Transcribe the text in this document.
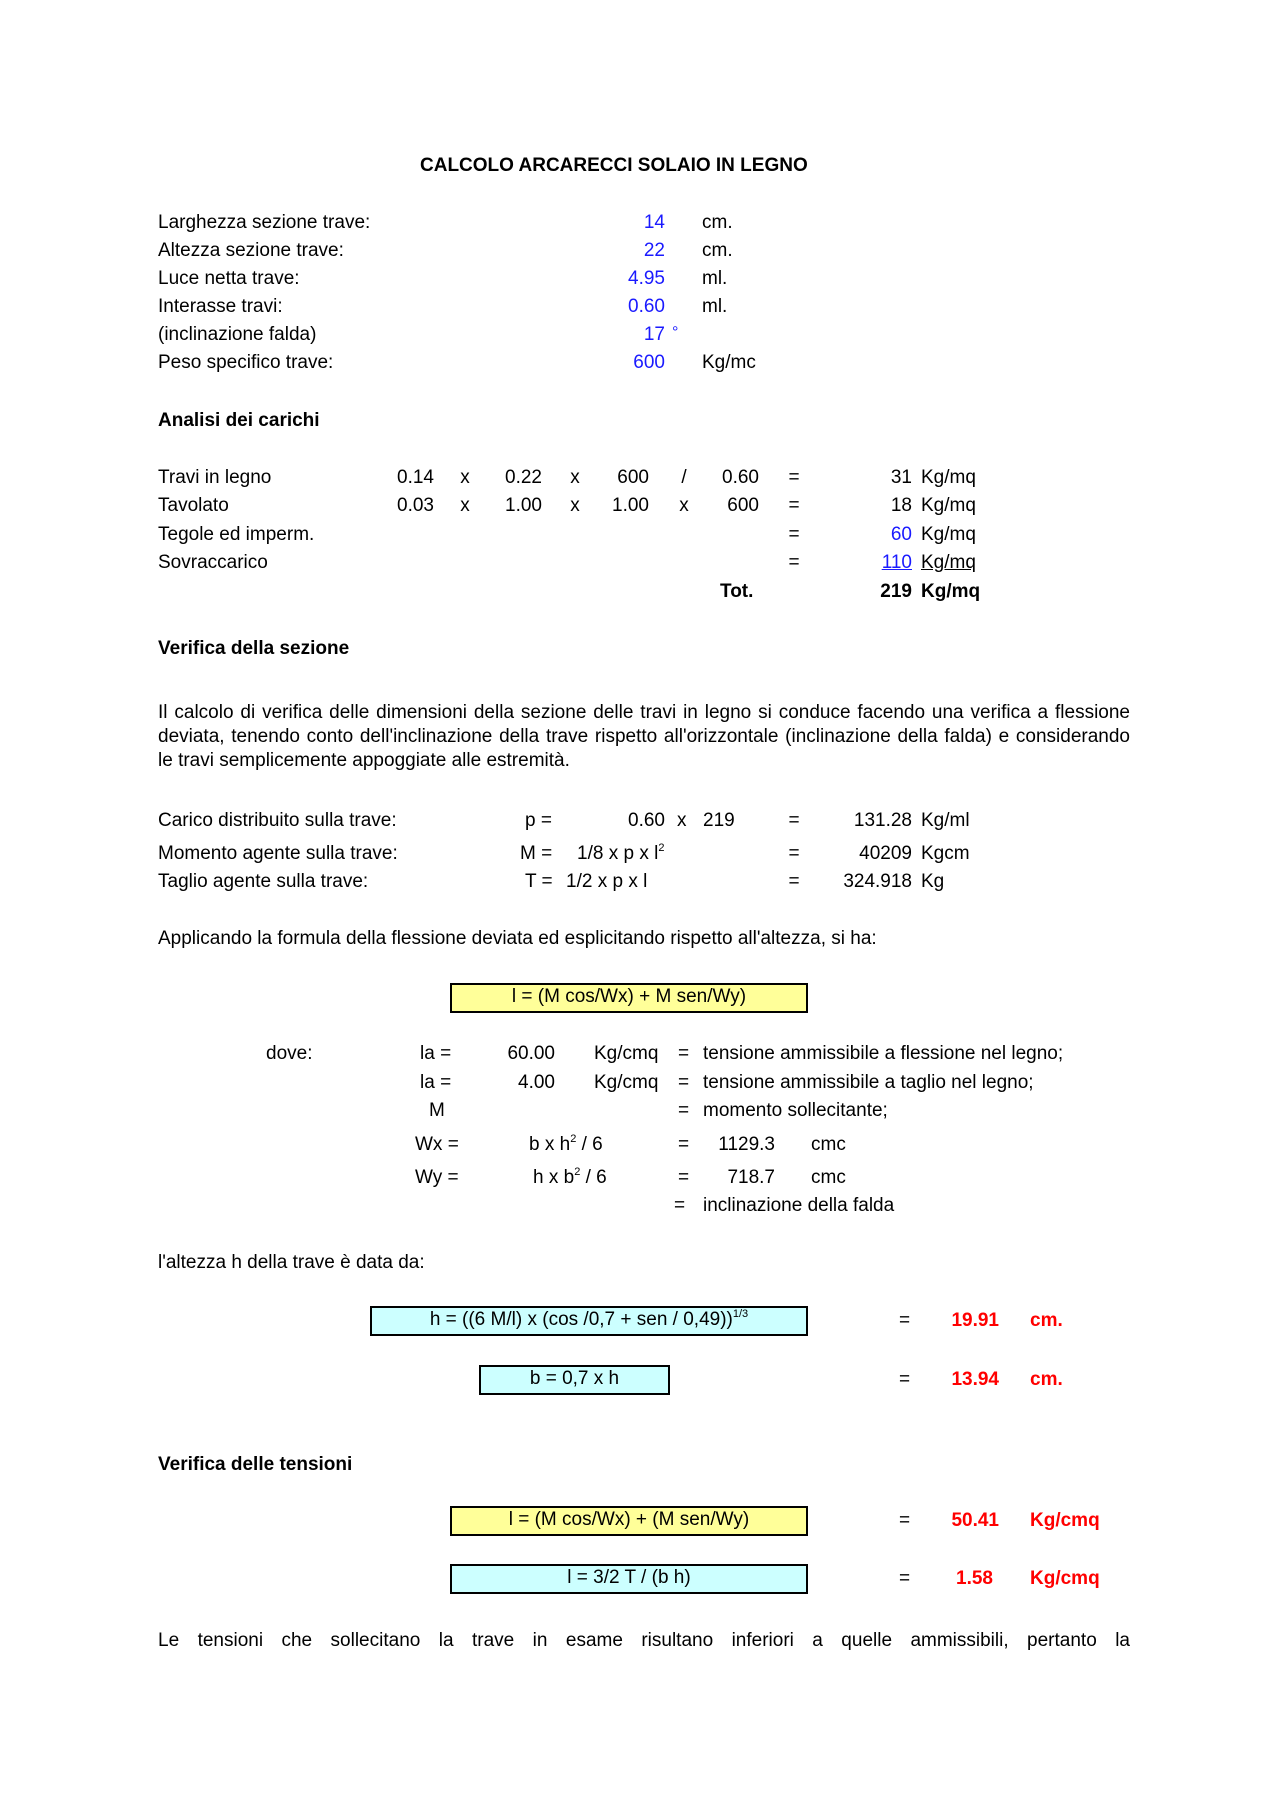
CALCOLO ARCARECCI SOLAIO IN LEGNO
Larghezza sezione trave:	14 cm.
Altezza sezione trave:	22 cm.
Luce netta trave:	4.95 ml.
Interasse travi:	0.60 ml.
(inclinazione falda)	17 °
Peso specifico trave:	600 Kg/mc
Analisi dei carichi
Travi in legno	0.14	x	0.22	x	600	/	0.60	=	31 Kg/mq
Tavolato	0.03	x	1.00	x	1.00	x	600	=	18 Kg/mq
Tegole ed imperm.	=	60 Kg/mq
Sovraccarico	=	110 Kg/mq
Tot.	219 Kg/mq
Verifica della sezione
Il calcolo di verifica delle dimensioni della sezione delle travi in legno si conduce facendo una verifica a flessione deviata, tenendo conto dell'inclinazione della trave rispetto all'orizzontale (inclinazione della falda) e considerando le travi semplicemente appoggiate alle estremità.
Carico distribuito sulla trave:	p =	0.60 x 219	=	131.28 Kg/ml
Momento agente sulla trave:	M = 1/8 x p x $l^2$	=	40209 Kgcm
Taglio agente sulla trave:	T = 1/2 x p x l	=	324.918 Kg
Applicando la formula della flessione deviata ed esplicitando rispetto all'altezza, si ha:
l = (M cos/Wx) + M sen/Wy)
dove:	la =	60.00 Kg/cmq = tensione ammissibile a flessione nel legno;
la =	4.00 Kg/cmq = tensione ammissibile a taglio nel legno;
M	= momento sollecitante;
Wx =	b x $h^2 / 6$	=	1129.3 cmc
Wy =	h x $b^2 / 6$	=	718.7 cmc
= inclinazione della falda
l'altezza h della trave è data da:
h = ((6 M/l) x (cos /0,7 + sen / 0,49))$^{1/3}$	=	19.91 cm.
b = 0,7 x h	=	13.94 cm.
Verifica delle tensioni
l = (M cos/Wx) + (M sen/Wy)	=	50.41 Kg/cmq
l = 3/2 T / (b h)	=	1.58 Kg/cmq
Le tensioni che sollecitano la trave in esame risultano inferiori a quelle ammissibili, pertanto la
